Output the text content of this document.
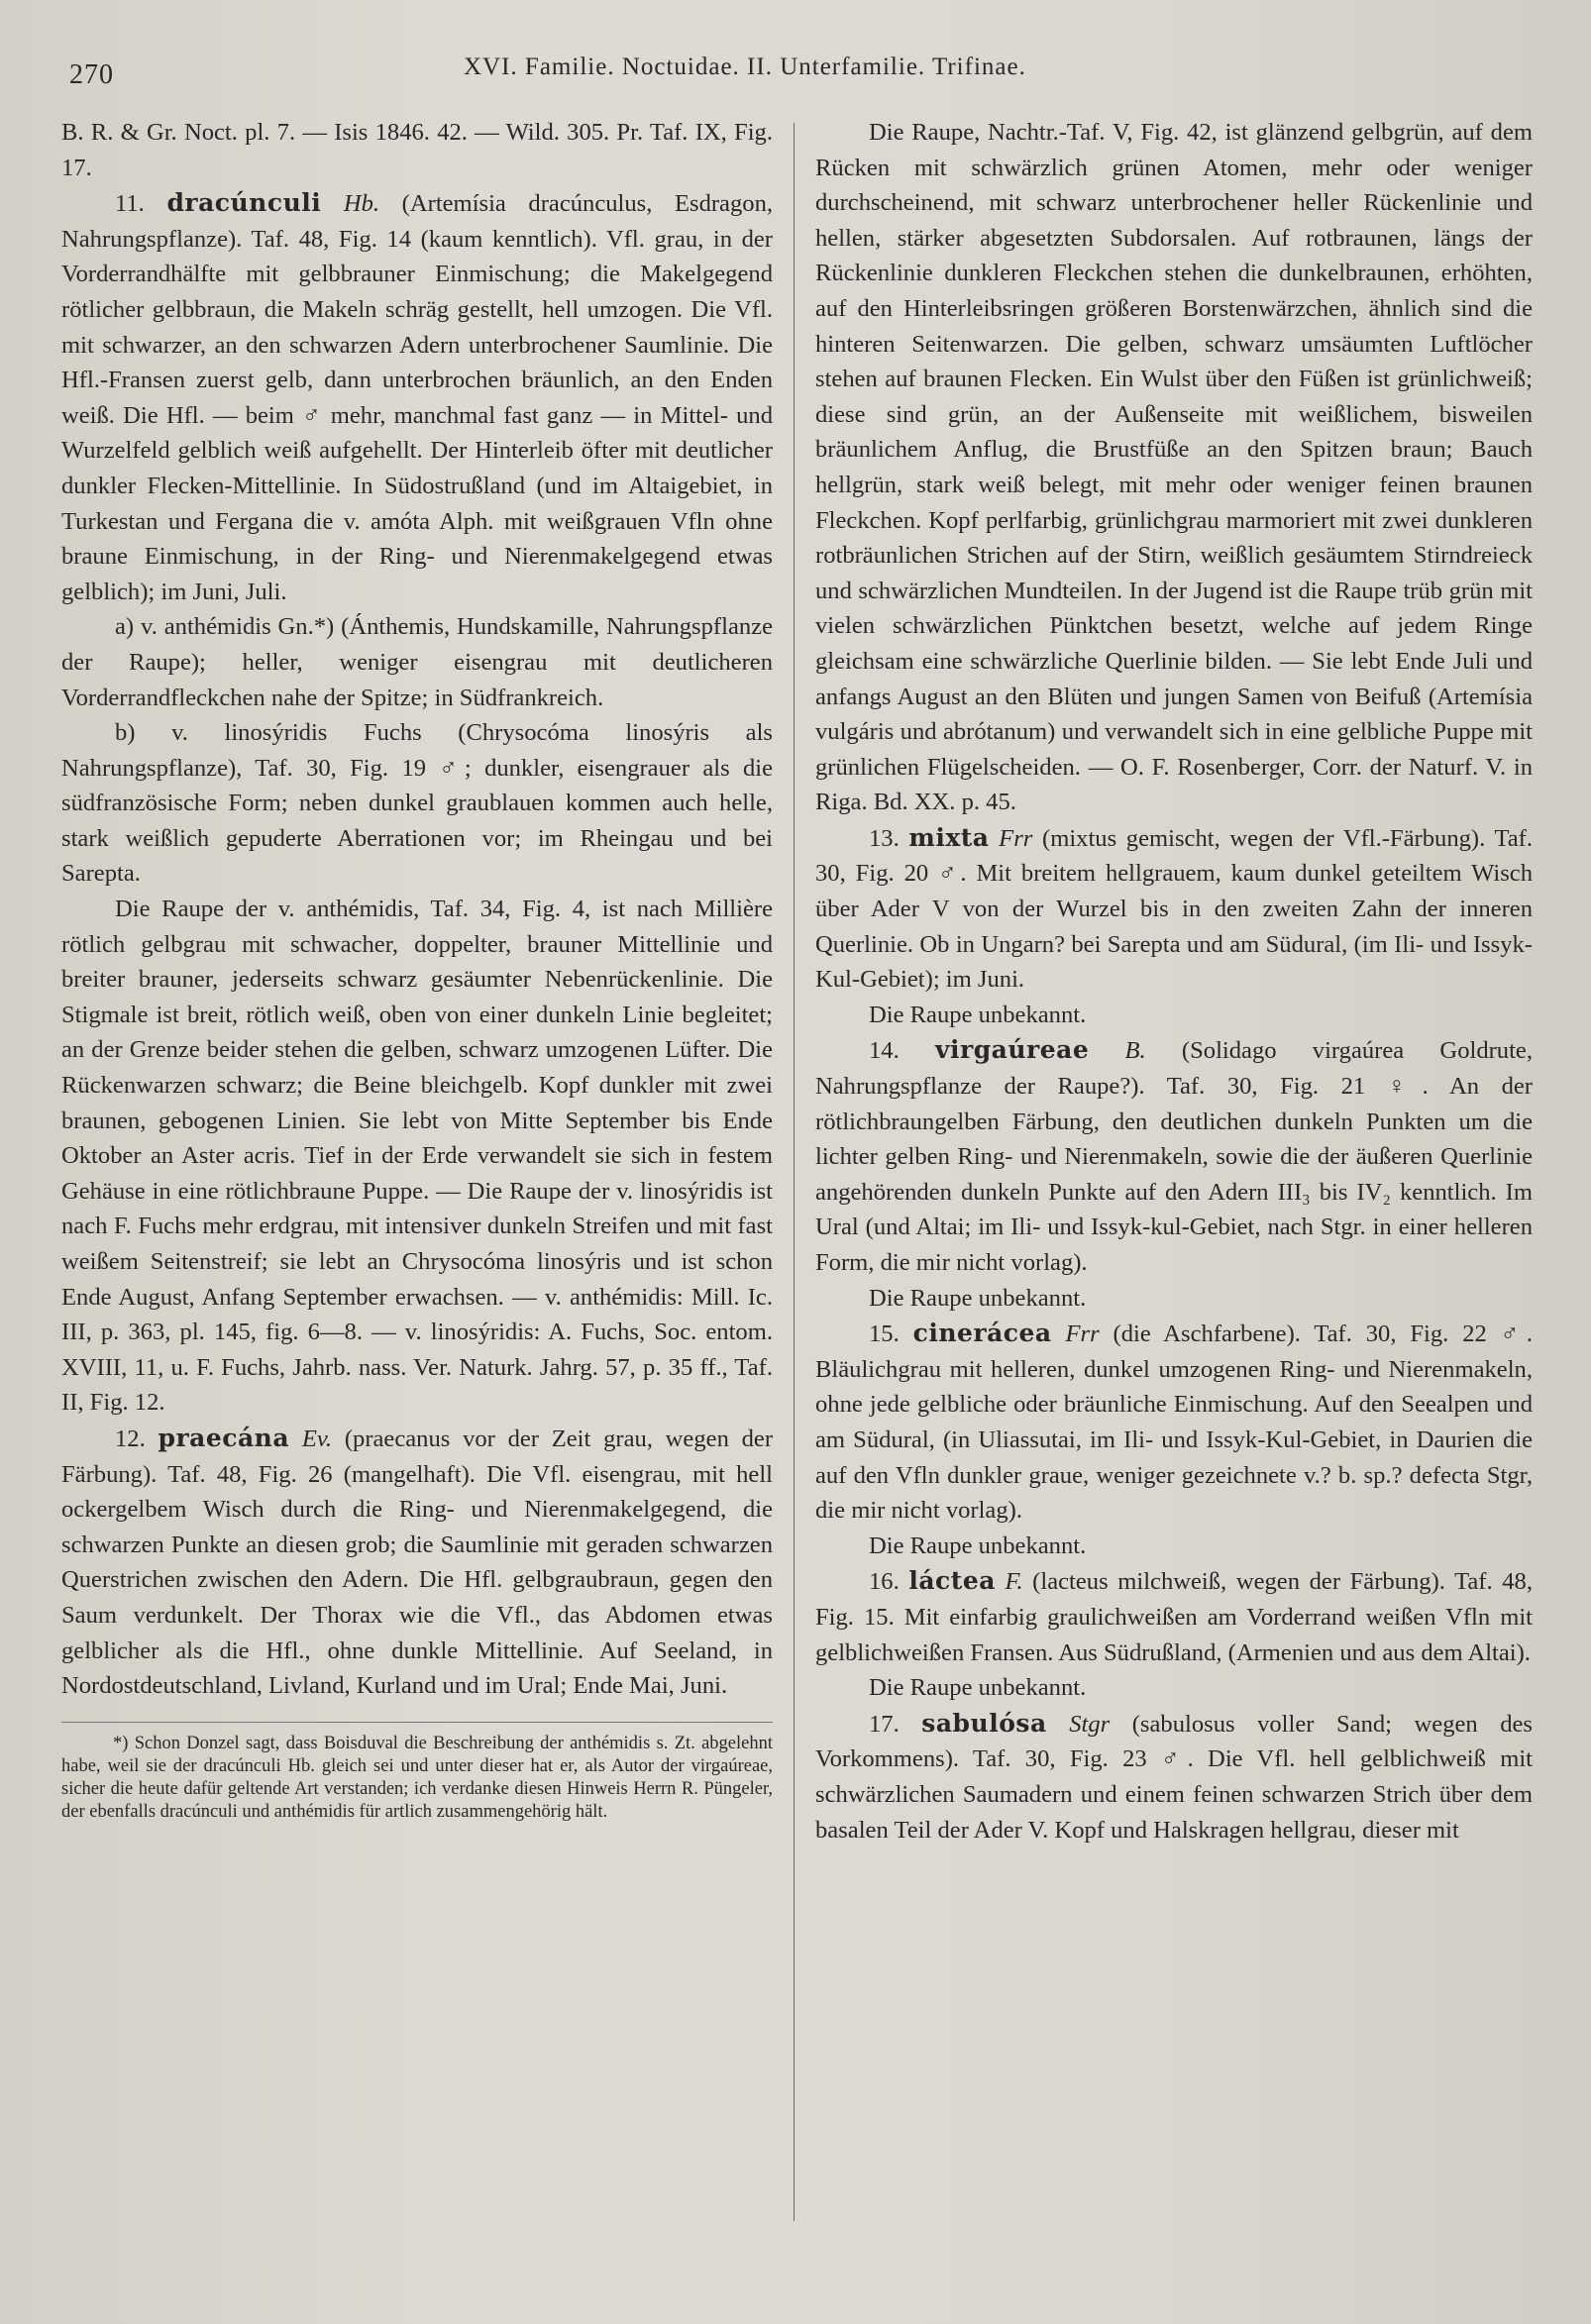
270	XVI. Familie. Noctuidae. II. Unterfamilie. Trifinae.

B. R. & Gr. Noct. pl. 7. — Isis 1846. 42. — Wild. 305. Pr. Taf. IX, Fig. 17.

11. dracúnculi Hb. (Artemísia dracúnculus, Esdragon, Nahrungspflanze). Taf. 48, Fig. 14 (kaum kenntlich). Vfl. grau, in der Vorderrandhälfte mit gelbbrauner Einmischung; die Makelgegend rötlicher gelbbraun, die Makeln schräg gestellt, hell umzogen. Die Vfl. mit schwarzer, an den schwarzen Adern unterbrochener Saumlinie. Die Hfl.-Fransen zuerst gelb, dann unterbrochen bräunlich, an den Enden weiß. Die Hfl. — beim ♂ mehr, manchmal fast ganz — in Mittel- und Wurzelfeld gelblich weiß aufgehellt. Der Hinterleib öfter mit deutlicher dunkler Flecken-Mittellinie. In Südostrußland (und im Altaigebiet, in Turkestan und Fergana die v. amóta Alph. mit weißgrauen Vfln ohne braune Einmischung, in der Ring- und Nierenmakelgegend etwas gelblich); im Juni, Juli.

a) v. anthémidis Gn.*) (Ánthemis, Hundskamille, Nahrungspflanze der Raupe); heller, weniger eisengrau mit deutlicheren Vorderrandfleckchen nahe der Spitze; in Südfrankreich.

b) v. linosýridis Fuchs (Chrysocóma linosýris als Nahrungspflanze), Taf. 30, Fig. 19 ♂; dunkler, eisengrauer als die südfranzösische Form; neben dunkel graublauen kommen auch helle, stark weißlich gepuderte Aberrationen vor; im Rheingau und bei Sarepta.

Die Raupe der v. anthémidis, Taf. 34, Fig. 4, ist nach Millière rötlich gelbgrau mit schwacher, doppelter, brauner Mittellinie und breiter brauner, jederseits schwarz gesäumter Nebenrückenlinie. Die Stigmale ist breit, rötlich weiß, oben von einer dunkeln Linie begleitet; an der Grenze beider stehen die gelben, schwarz umzogenen Lüfter. Die Rückenwarzen schwarz; die Beine bleichgelb. Kopf dunkler mit zwei braunen, gebogenen Linien. Sie lebt von Mitte September bis Ende Oktober an Aster acris. Tief in der Erde verwandelt sie sich in festem Gehäuse in eine rötlichbraune Puppe. — Die Raupe der v. linosýridis ist nach F. Fuchs mehr erdgrau, mit intensiver dunkeln Streifen und mit fast weißem Seitenstreif; sie lebt an Chrysocóma linosýris und ist schon Ende August, Anfang September erwachsen. — v. anthémidis: Mill. Ic. III, p. 363, pl. 145, fig. 6—8. — v. linosýridis: A. Fuchs, Soc. entom. XVIII, 11, u. F. Fuchs, Jahrb. nass. Ver. Naturk. Jahrg. 57, p. 35 ff., Taf. II, Fig. 12.

12. praecána Ev. (praecanus vor der Zeit grau, wegen der Färbung). Taf. 48, Fig. 26 (mangelhaft). Die Vfl. eisengrau, mit hell ockergelbem Wisch durch die Ring- und Nierenmakelgegend, die schwarzen Punkte an diesen grob; die Saumlinie mit geraden schwarzen Querstrichen zwischen den Adern. Die Hfl. gelbgraubraun, gegen den Saum verdunkelt. Der Thorax wie die Vfl., das Abdomen etwas gelblicher als die Hfl., ohne dunkle Mittellinie. Auf Seeland, in Nordostdeutschland, Livland, Kurland und im Ural; Ende Mai, Juni.

*) Schon Donzel sagt, dass Boisduval die Beschreibung der anthémidis s. Zt. abgelehnt habe, weil sie der dracúnculi Hb. gleich sei und unter dieser hat er, als Autor der virgaúreae, sicher die heute dafür geltende Art verstanden; ich verdanke diesen Hinweis Herrn R. Püngeler, der ebenfalls dracúnculi und anthémidis für artlich zusammengehörig hält.

Die Raupe, Nachtr.-Taf. V, Fig. 42, ist glänzend gelbgrün, auf dem Rücken mit schwärzlich grünen Atomen, mehr oder weniger durchscheinend, mit schwarz unterbrochener heller Rückenlinie und hellen, stärker abgesetzten Subdorsalen. Auf rotbraunen, längs der Rückenlinie dunkleren Fleckchen stehen die dunkelbraunen, erhöhten, auf den Hinterleibsringen größeren Borstenwärzchen, ähnlich sind die hinteren Seitenwarzen. Die gelben, schwarz umsäumten Luftlöcher stehen auf braunen Flecken. Ein Wulst über den Füßen ist grünlichweiß; diese sind grün, an der Außenseite mit weißlichem, bisweilen bräunlichem Anflug, die Brustfüße an den Spitzen braun; Bauch hellgrün, stark weiß belegt, mit mehr oder weniger feinen braunen Fleckchen. Kopf perlfarbig, grünlichgrau marmoriert mit zwei dunkleren rotbräunlichen Strichen auf der Stirn, weißlich gesäumtem Stirndreieck und schwärzlichen Mundteilen. In der Jugend ist die Raupe trüb grün mit vielen schwärzlichen Pünktchen besetzt, welche auf jedem Ringe gleichsam eine schwärzliche Querlinie bilden. — Sie lebt Ende Juli und anfangs August an den Blüten und jungen Samen von Beifuß (Artemísia vulgáris und abrótanum) und verwandelt sich in eine gelbliche Puppe mit grünlichen Flügelscheiden. — O. F. Rosenberger, Corr. der Naturf. V. in Riga. Bd. XX. p. 45.

13. mixta Frr (mixtus gemischt, wegen der Vfl.-Färbung). Taf. 30, Fig. 20 ♂. Mit breitem hellgrauem, kaum dunkel geteiltem Wisch über Ader V von der Wurzel bis in den zweiten Zahn der inneren Querlinie. Ob in Ungarn? bei Sarepta und am Südural, (im Ili- und Issyk-Kul-Gebiet); im Juni.

Die Raupe unbekannt.

14. virgaúreae B. (Solidago virgaúrea Goldrute, Nahrungspflanze der Raupe?). Taf. 30, Fig. 21 ♀. An der rötlichbraungelben Färbung, den deutlichen dunkeln Punkten um die lichter gelben Ring- und Nierenmakeln, sowie die der äußeren Querlinie angehörenden dunkeln Punkte auf den Adern III₃ bis IV₂ kenntlich. Im Ural (und Altai; im Ili- und Issyk-kul-Gebiet, nach Stgr. in einer helleren Form, die mir nicht vorlag).

Die Raupe unbekannt.

15. cinerácea Frr (die Aschfarbene). Taf. 30, Fig. 22 ♂. Bläulichgrau mit helleren, dunkel umzogenen Ring- und Nierenmakeln, ohne jede gelbliche oder bräunliche Einmischung. Auf den Seealpen und am Südural, (in Uliassutai, im Ili- und Issyk-Kul-Gebiet, in Daurien die auf den Vfln dunkler graue, weniger gezeichnete v.? b. sp.? defecta Stgr, die mir nicht vorlag).

Die Raupe unbekannt.

16. láctea F. (lacteus milchweiß, wegen der Färbung). Taf. 48, Fig. 15. Mit einfarbig graulichweißen am Vorderrand weißen Vfln mit gelblichweißen Fransen. Aus Südrußland, (Armenien und aus dem Altai).

Die Raupe unbekannt.

17. sabulósa Stgr (sabulosus voller Sand; wegen des Vorkommens). Taf. 30, Fig. 23 ♂. Die Vfl. hell gelblichweiß mit schwärzlichen Saumadern und einem feinen schwarzen Strich über dem basalen Teil der Ader V. Kopf und Halskragen hellgrau, dieser mit
